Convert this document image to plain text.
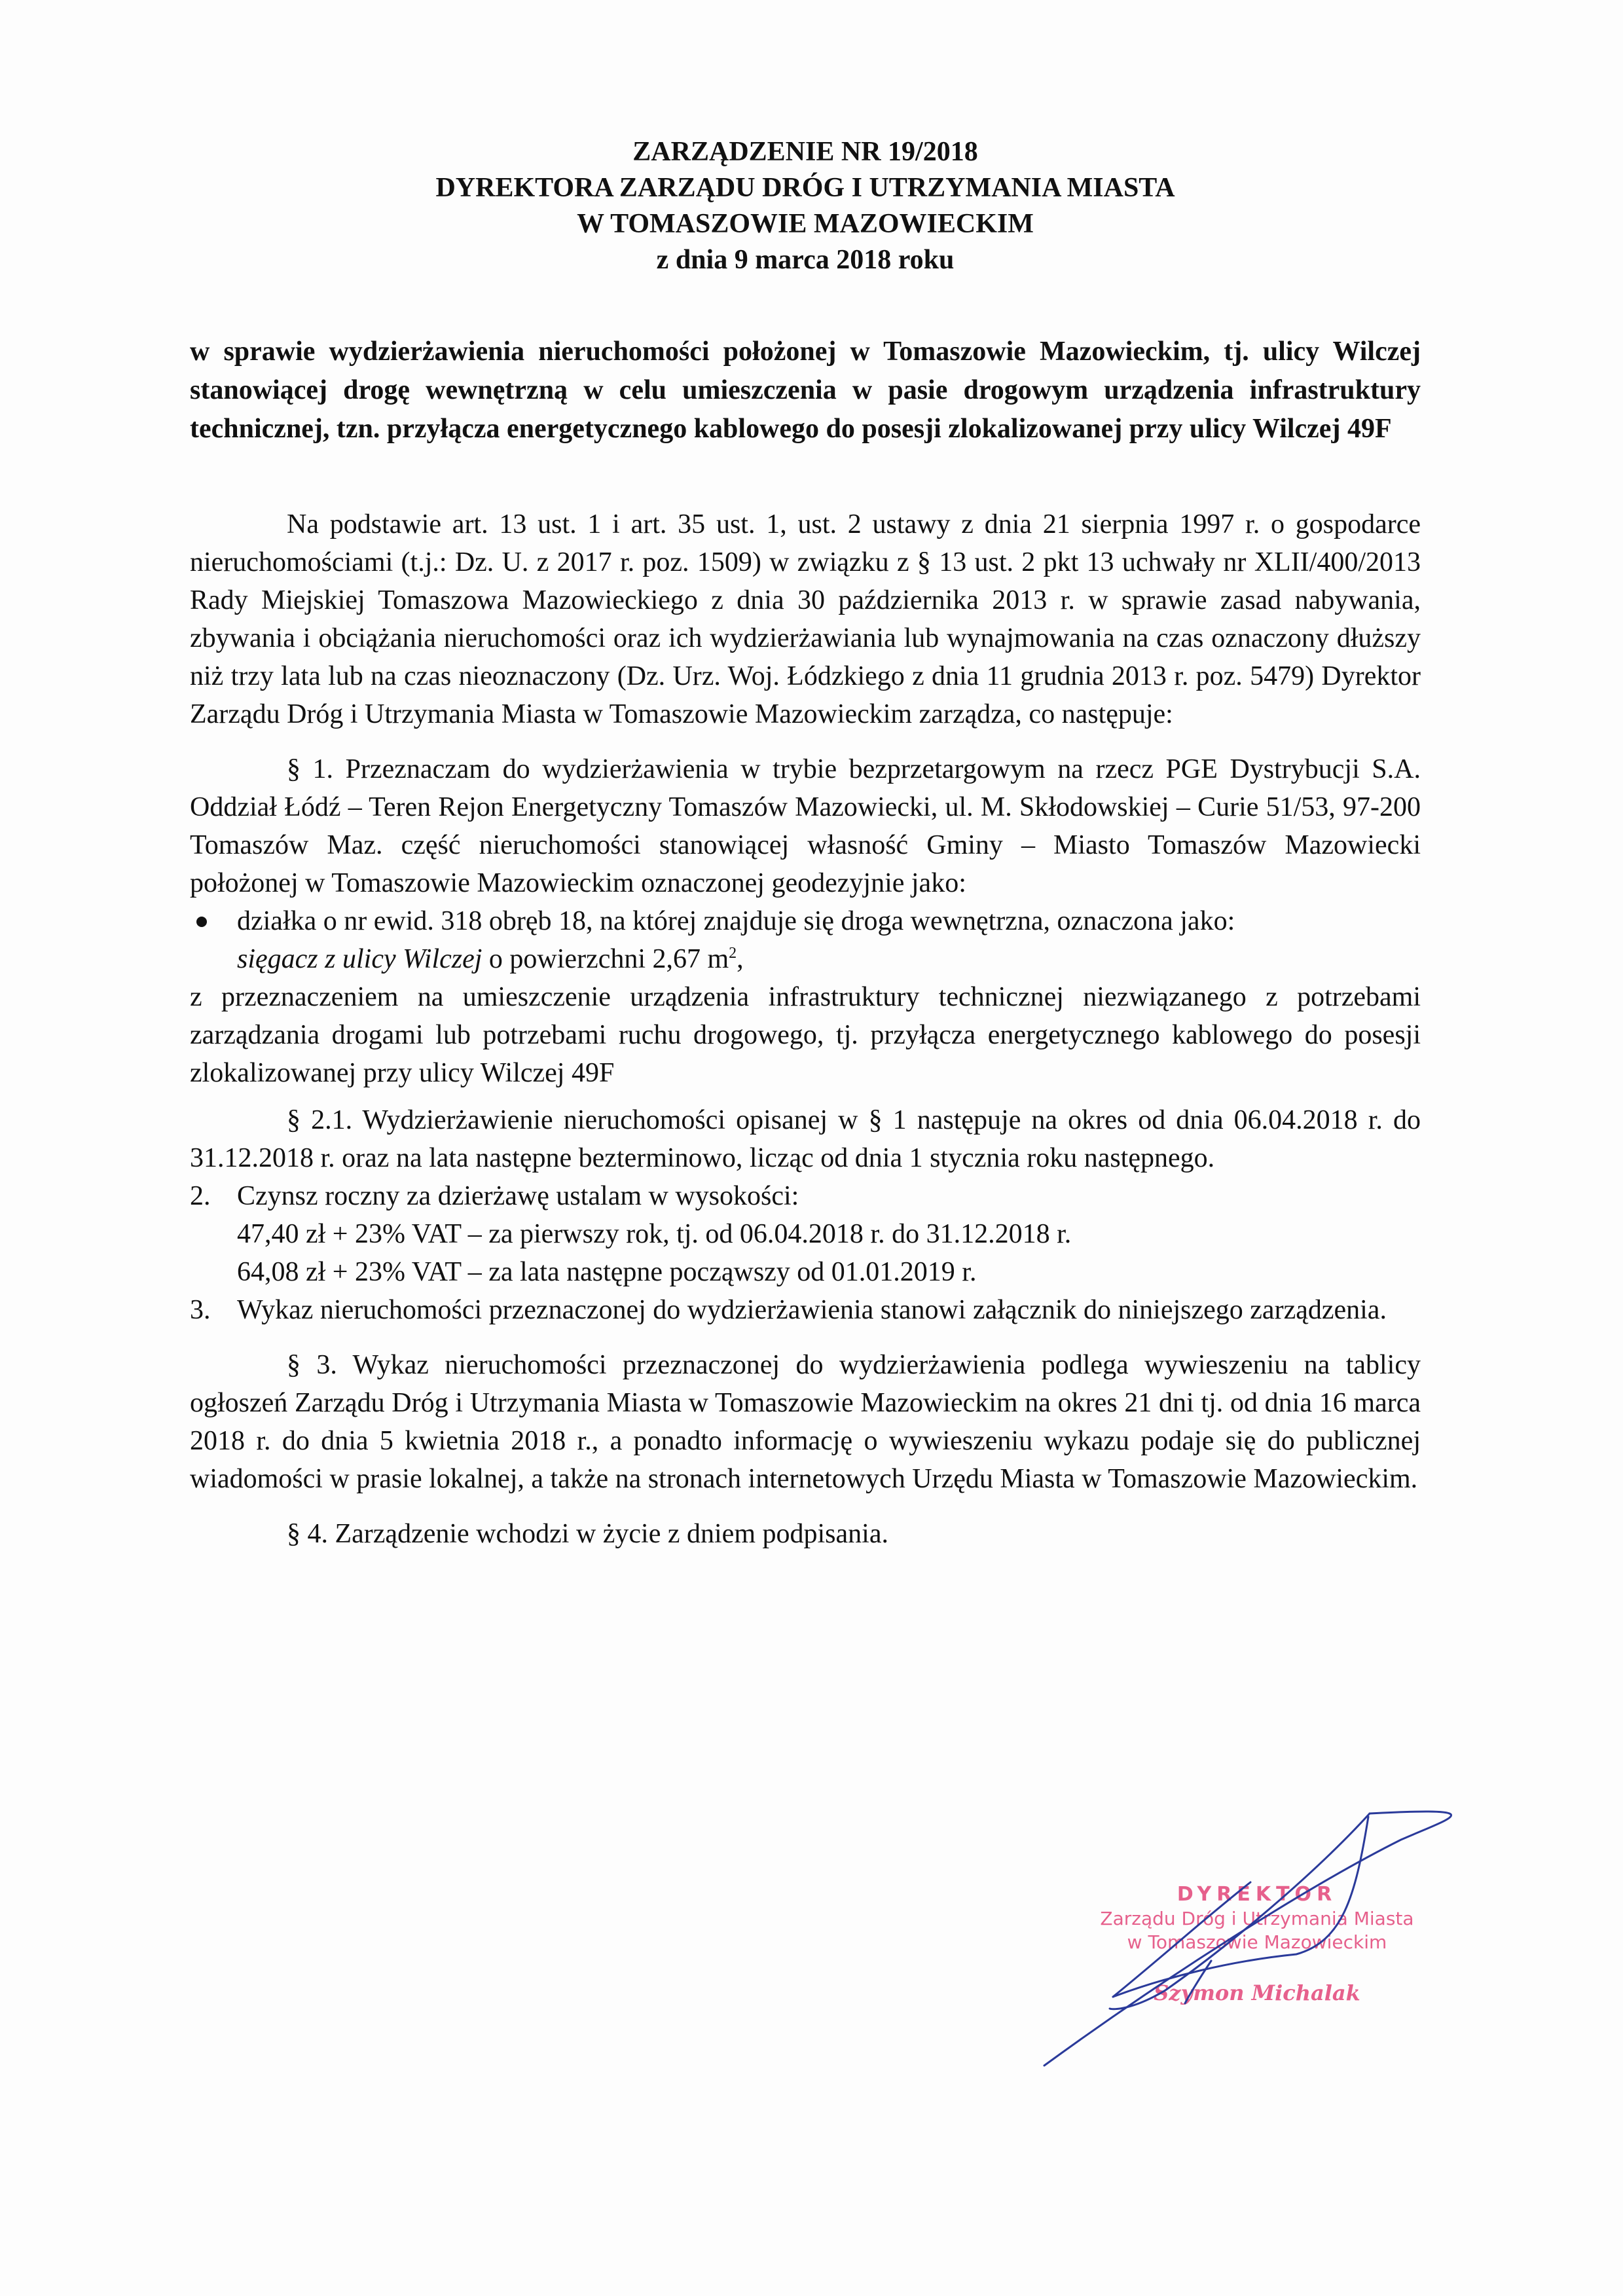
ZARZĄDZENIE NR 19/2018
DYREKTORA ZARZĄDU DRÓG I UTRZYMANIA MIASTA
W TOMASZOWIE MAZOWIECKIM
z dnia 9 marca 2018 roku
w sprawie wydzierżawienia nieruchomości położonej w Tomaszowie Mazowieckim, tj. ulicy Wilczej stanowiącej drogę wewnętrzną w celu umieszczenia w pasie drogowym urządzenia infrastruktury technicznej, tzn. przyłącza energetycznego kablowego do posesji zlokalizowanej przy ulicy Wilczej 49F

Na podstawie art. 13 ust. 1 i art. 35 ust. 1, ust. 2 ustawy z dnia 21 sierpnia 1997 r. o gospodarce nieruchomościami (t.j.: Dz. U. z 2017 r. poz. 1509) w związku z § 13 ust. 2 pkt 13 uchwały nr XLII/400/2013 Rady Miejskiej Tomaszowa Mazowieckiego z dnia 30 października 2013 r. w sprawie zasad nabywania, zbywania i obciążania nieruchomości oraz ich wydzierżawiania lub wynajmowania na czas oznaczony dłuższy niż trzy lata lub na czas nieoznaczony (Dz. Urz. Woj. Łódzkiego z dnia 11 grudnia 2013 r. poz. 5479) Dyrektor Zarządu Dróg i Utrzymania Miasta w Tomaszowie Mazowieckim zarządza, co następuje:

§ 1. Przeznaczam do wydzierżawienia w trybie bezprzetargowym na rzecz PGE Dystrybucji S.A. Oddział Łódź – Teren Rejon Energetyczny Tomaszów Mazowiecki, ul. M. Skłodowskiej – Curie 51/53, 97-200 Tomaszów Maz. część nieruchomości stanowiącej własność Gminy – Miasto Tomaszów Mazowiecki położonej w Tomaszowie Mazowieckim oznaczonej geodezyjnie jako:

działka o nr ewid. 318 obręb 18, na której znajduje się droga wewnętrzna, oznaczona jako:
sięgacz z ulicy Wilczej o powierzchni 2,67 $m^2$,

z przeznaczeniem na umieszczenie urządzenia infrastruktury technicznej niezwiązanego z potrzebami zarządzania drogami lub potrzebami ruchu drogowego, tj. przyłącza energetycznego kablowego do posesji zlokalizowanej przy ulicy Wilczej 49F

§ 2.1. Wydzierżawienie nieruchomości opisanej w § 1 następuje na okres od dnia 06.04.2018 r. do 31.12.2018 r. oraz na lata następne bezterminowo, licząc od dnia 1 stycznia roku następnego.

2. Czynsz roczny za dzierżawę ustalam w wysokości:

47,40 zł + 23% VAT – za pierwszy rok, tj. od 06.04.2018 r. do 31.12.2018 r.

64,08 zł + 23% VAT – za lata następne począwszy od 01.01.2019 r.

3. Wykaz nieruchomości przeznaczonej do wydzierżawienia stanowi załącznik do niniejszego zarządzenia.

§ 3. Wykaz nieruchomości przeznaczonej do wydzierżawienia podlega wywieszeniu na tablicy ogłoszeń Zarządu Dróg i Utrzymania Miasta w Tomaszowie Mazowieckim na okres 21 dni tj. od dnia 16 marca 2018 r. do dnia 5 kwietnia 2018 r., a ponadto informację o wywieszeniu wykazu podaje się do publicznej wiadomości w prasie lokalnej, a także na stronach internetowych Urzędu Miasta w Tomaszowie Mazowieckim.

§ 4. Zarządzenie wchodzi w życie z dniem podpisania.

DYREKTOR
Zarządu Dróg i Utrzymania Miasta
w Tomaszowie Mazowieckim
Szymon Michalak
